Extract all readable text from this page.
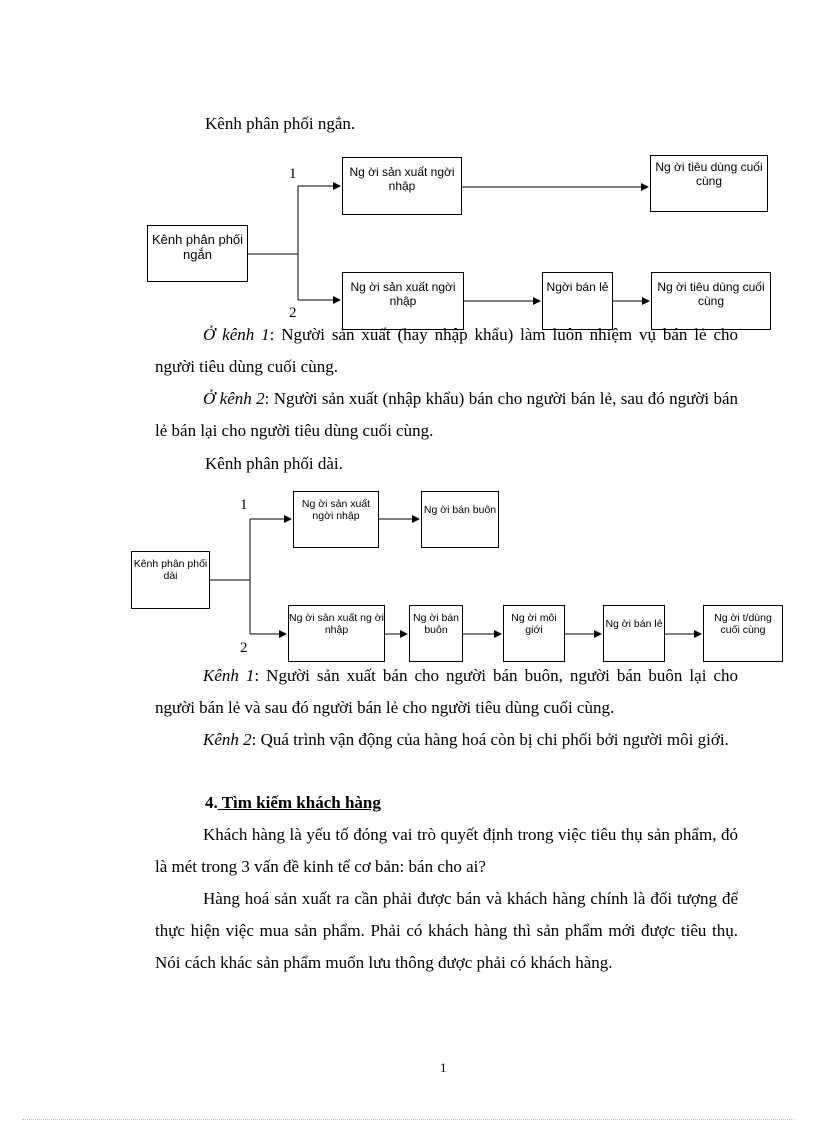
Kênh phân phối ngắn.
Kênh phân phối ngắn
1
2
Ng ời sản xuất ngời nhập
Ng ời tiêu dùng cuối cùng
Ng ời sản xuất ngời nhập
Ngời bán lẻ	Ng ời tiêu dùng cuối cùng
Ở kênh 1: Người sản xuất (hay nhập khẩu) làm luôn nhiệm vụ bán lẻ cho người tiêu dùng cuối cùng.
Ở kênh 2: Người sản xuất (nhập khẩu) bán cho người bán lẻ, sau đó người bán lẻ bán lại cho người tiêu dùng cuối cùng.
Kênh phân phối dài.
Kênh phân phối dài
1
2
Ng ời sản xuất ngời nhập
Ng ời bán buôn
Ng ời sản xuất ng ời nhập
Ng ời bán buôn
Ng ời môi giới
Ng ời bán lẻ	Ng ời t/dùng cuối cùng
Kênh 1: Người sản xuất bán cho người bán buôn, người bán buôn lại cho người bán lẻ và sau đó người bán lẻ cho người tiêu dùng cuối cùng.
Kênh 2: Quá trình vận động của hàng hoá còn bị chi phối bởi người môi giới.
4. Tìm kiếm khách hàng
Khách hàng là yếu tố đóng vai trò quyết định trong việc tiêu thụ sản phẩm, đó là mét trong 3 vấn đề kinh tế cơ bản: bán cho ai?
Hàng hoá sản xuất ra cần phải được bán và khách hàng chính là đối tượng để thực hiện việc mua sản phẩm. Phải có khách hàng thì sản phẩm mới được tiêu thụ. Nói cách khác sản phẩm muốn lưu thông được phải có khách hàng.
1
